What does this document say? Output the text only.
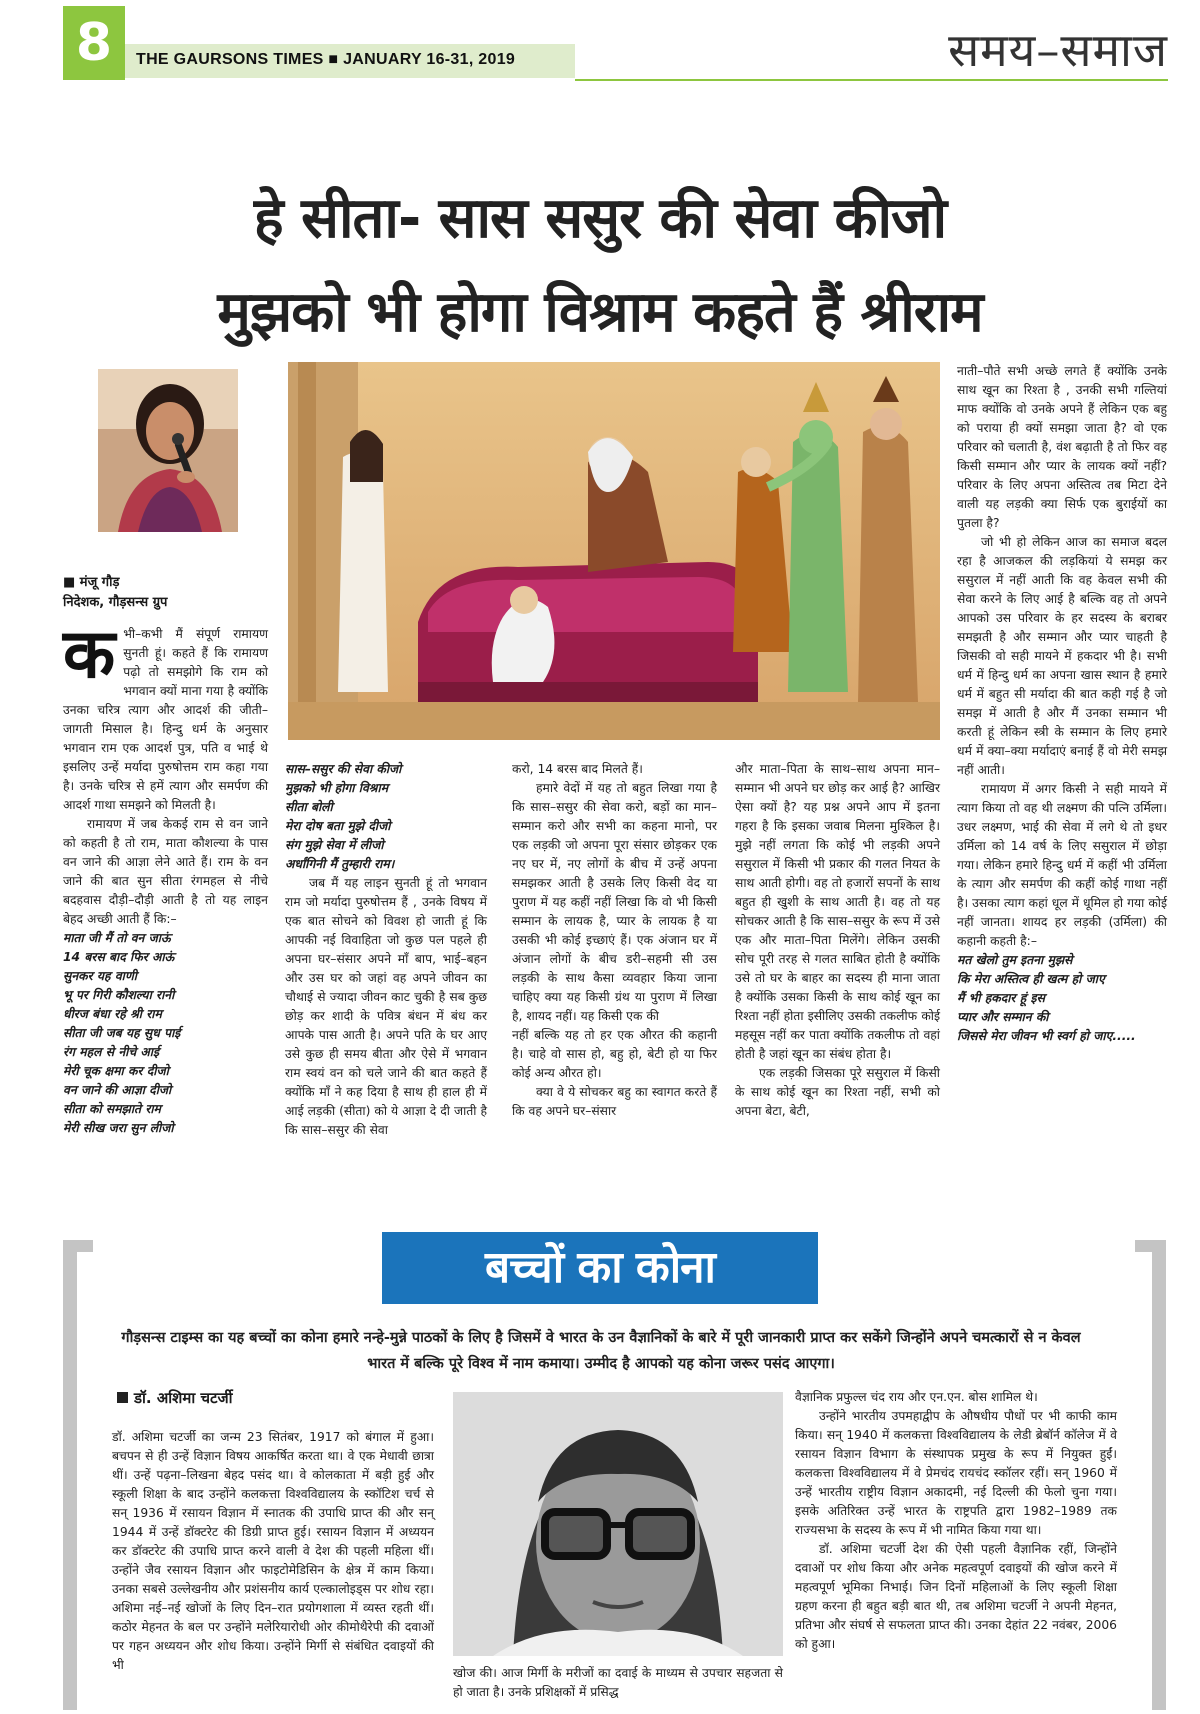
8	THE GAURSONS TIMES ■ JANUARY 16-31, 2019	समय–समाज
हे सीता- सास ससुर की सेवा कीजो
मुझको भी होगा विश्राम कहते हैं श्रीराम
■ मंजू गौड़
निदेशक, गौड़सन्स ग्रुप

कभी–कभी मैं संपूर्ण रामायण सुनती हूं। कहते हैं कि रामायण पढ़ो तो समझोगे कि राम को भगवान क्यों माना गया है क्योंकि उनका चरित्र त्याग और आदर्श की जीती–जागती मिसाल है। हिन्दु धर्म के अनुसार भगवान राम एक आदर्श पुत्र, पति व भाई थे इसलिए उन्हें मर्यादा पुरुषोत्तम राम कहा गया है। उनके चरित्र से हमें त्याग और समर्पण की आदर्श गाथा समझने को मिलती है।

रामायण में जब केकई राम से वन जाने को कहती है तो राम, माता कौशल्या के पास वन जाने की आज्ञा लेने आते हैं। राम के वन जाने की बात सुन सीता रंगमहल से नीचे बदहवास दौड़ी–दौड़ी आती है तो यह लाइन बेहद अच्छी आती हैं कि:–

माता जी मैं तो वन जाऊं
14 बरस बाद फिर आऊं
सुनकर यह वाणी
भू पर गिरी कौशल्या रानी
धीरज बंधा रहे श्री राम
सीता जी जब यह सुध पाई
रंग महल से नीचे आई
मेरी चूक क्षमा कर दीजो
वन जाने की आज्ञा दीजो
सीता को समझाते राम
मेरी सीख जरा सुन लीजो
सास–ससुर की सेवा कीजो
मुझको भी होगा विश्राम
सीता बोली
मेरा दोष बता मुझे दीजो
संग मुझे सेवा में लीजो
अर्धांगिनी मैं तुम्हारी राम।

जब मैं यह लाइन सुनती हूं तो भगवान राम जो मर्यादा पुरुषोत्तम हैं , उनके विषय में एक बात सोचने को विवश हो जाती हूं कि आपकी नई विवाहिता जो कुछ पल पहले ही अपना घर–संसार अपने माँ बाप, भाई–बहन और उस घर को जहां वह अपने जीवन का चौथाई से ज्यादा जीवन काट चुकी है सब कुछ छोड़ कर शादी के पवित्र बंधन में बंध कर आपके पास आती है। अपने पति के घर आए उसे कुछ ही समय बीता और ऐसे में भगवान राम स्वयं वन को चले जाने की बात कहते हैं क्योंकि माँ ने कह दिया है साथ ही हाल ही में आई लड़की (सीता) को ये आज्ञा दे दी जाती है कि सास–ससुर की सेवा

करो, 14 बरस बाद मिलते हैं।

हमारे वेदों में यह तो बहुत लिखा गया है कि सास–ससुर की सेवा करो, बड़ों का मान–सम्मान करो और सभी का कहना मानो, पर एक लड़की जो अपना पूरा संसार छोड़कर एक नए घर में, नए लोगों के बीच में उन्हें अपना समझकर आती है उसके लिए किसी वेद या पुराण में यह कहीं नहीं लिखा कि वो भी किसी सम्मान के लायक है, प्यार के लायक है या उसकी भी कोई इच्छाएं हैं। एक अंजान घर में अंजान लोगों के बीच डरी–सहमी सी उस लड़की के साथ कैसा व्यवहार किया जाना चाहिए क्या यह किसी ग्रंथ या पुराण में लिखा है, शायद नहीं। यह किसी एक की

नहीं बल्कि यह तो हर एक औरत की कहानी है। चाहे वो सास हो, बहु हो, बेटी हो या फिर कोई अन्य औरत हो।

क्या वे ये सोचकर बहु का स्वागत करते हैं कि वह अपने घर–संसार

और माता–पिता के साथ–साथ अपना मान–सम्मान भी अपने घर छोड़ कर आई है? आखिर ऐसा क्यों है? यह प्रश्न अपने आप में इतना गहरा है कि इसका जवाब मिलना मुश्किल है। मुझे नहीं लगता कि कोई भी लड़की अपने ससुराल में किसी भी प्रकार की गलत नियत के साथ आती होगी। वह तो हजारों सपनों के साथ बहुत ही खुशी के साथ आती है। वह तो यह सोचकर आती है कि सास–ससुर के रूप में उसे एक और माता–पिता मिलेंगे। लेकिन उसकी सोच पूरी तरह से गलत साबित होती है क्योंकि उसे तो घर के बाहर का सदस्य ही माना जाता है क्योंकि उसका किसी के साथ कोई खून का रिश्ता नहीं होता इसीलिए उसकी तकलीफ कोई महसूस नहीं कर पाता क्योंकि तकलीफ तो वहां होती है जहां खून का संबंध होता है।

एक लड़की जिसका पूरे ससुराल में किसी के साथ कोई खून का रिश्ता नहीं, सभी को अपना बेटा, बेटी,

नाती–पौते सभी अच्छे लगते हैं क्योंकि उनके साथ खून का रिश्ता है , उनकी सभी गल्तियां माफ क्योंकि वो उनके अपने हैं लेकिन एक बहु को पराया ही क्यों समझा जाता है? वो एक परिवार को चलाती है, वंश बढ़ाती है तो फिर वह किसी सम्मान और प्यार के लायक क्यों नहीं? परिवार के लिए अपना अस्तित्व तब मिटा देने वाली यह लड़की क्या सिर्फ एक बुराईयों का पुतला है?

जो भी हो लेकिन आज का समाज बदल रहा है आजकल की लड़कियां ये समझ कर ससुराल में नहीं आती कि वह केवल सभी की सेवा करने के लिए आई है बल्कि वह तो अपने आपको उस परिवार के हर सदस्य के बराबर समझती है और सम्मान और प्यार चाहती है जिसकी वो सही मायने में हकदार भी है। सभी धर्म में हिन्दु धर्म का अपना खास स्थान है हमारे धर्म में बहुत सी मर्यादा की बात कही गई है जो समझ में आती है और मैं उनका सम्मान भी करती हूं लेकिन स्त्री के सम्मान के लिए हमारे धर्म में क्या–क्या मर्यादाएं बनाई हैं वो मेरी समझ नहीं आती।

रामायण में अगर किसी ने सही मायने में त्याग किया तो वह थी लक्ष्मण की पत्नि उर्मिला। उधर लक्ष्मण, भाई की सेवा में लगे थे तो इधर उर्मिला को 14 वर्ष के लिए ससुराल में छोड़ा गया। लेकिन हमारे हिन्दु धर्म में कहीं भी उर्मिला के त्याग और समर्पण की कहीं कोई गाथा नहीं है। उसका त्याग कहां धूल में धूमिल हो गया कोई नहीं जानता। शायद हर लड़की (उर्मिला) की कहानी कहती है:–

मत खेलो तुम इतना मुझसे
कि मेरा अस्तित्व ही खत्म हो जाए
मैं भी हकदार हूं इस
प्यार और सम्मान की
जिससे मेरा जीवन भी स्वर्ग हो जाए.....
बच्चों का कोना
गौड़सन्स टाइम्स का यह बच्चों का कोना हमारे नन्हे-मुन्ने पाठकों के लिए है जिसमें वे भारत के उन वैज्ञानिकों के बारे में पूरी जानकारी प्राप्त कर सकेंगे जिन्होंने अपने चमत्कारों से न केवल भारत में बल्कि पूरे विश्व में नाम कमाया। उम्मीद है आपको यह कोना जरूर पसंद आएगा।
डॉ. अशिमा चटर्जी

डॉ. अशिमा चटर्जी का जन्म 23 सितंबर, 1917 को बंगाल में हुआ। बचपन से ही उन्हें विज्ञान विषय आकर्षित करता था। वे एक मेधावी छात्रा थीं। उन्हें पढ़ना–लिखना बेहद पसंद था। वे कोलकाता में बड़ी हुई और स्कूली शिक्षा के बाद उन्होंने कलकत्ता विश्वविद्यालय के स्कॉटिश चर्च से सन् 1936 में रसायन विज्ञान में स्नातक की उपाधि प्राप्त की और सन् 1944 में उन्हें डॉक्टरेट की डिग्री प्राप्त हुई। रसायन विज्ञान में अध्ययन कर डॉक्टरेट की उपाधि प्राप्त करने वाली वे देश की पहली महिला थीं। उन्होंने जैव रसायन विज्ञान और फाइटोमेडिसिन के क्षेत्र में काम किया। उनका सबसे उल्लेखनीय और प्रशंसनीय कार्य एल्कालोइड्स पर शोध रहा। अशिमा नई–नई खोजों के लिए दिन–रात प्रयोगशाला में व्यस्त रहती थीं। कठोर मेहनत के बल पर उन्होंने मलेरियारोधी ओर कीमोथैरेपी की दवाओं पर गहन अध्ययन और शोध किया। उन्होंने मिर्गी से संबंधित दवाइयों की भी

खोज की। आज मिर्गी के मरीजों का दवाई के माध्यम से उपचार सहजता से हो जाता है। उनके प्रशिक्षकों में प्रसिद्ध

वैज्ञानिक प्रफुल्ल चंद राय और एन.एन. बोस शामिल थे।

उन्होंने भारतीय उपमहाद्वीप के औषधीय पौधों पर भी काफी काम किया। सन् 1940 में कलकत्ता विश्वविद्यालय के लेडी ब्रेबॉर्न कॉलेज में वे रसायन विज्ञान विभाग के संस्थापक प्रमुख के रूप में नियुक्त हुईं। कलकत्ता विश्वविद्यालय में वे प्रेमचंद रायचंद स्कॉलर रहीं। सन् 1960 में उन्हें भारतीय राष्ट्रीय विज्ञान अकादमी, नई दिल्ली की फेलो चुना गया। इसके अतिरिक्त उन्हें भारत के राष्ट्रपति द्वारा 1982–1989 तक राज्यसभा के सदस्य के रूप में भी नामित किया गया था।

डॉ. अशिमा चटर्जी देश की ऐसी पहली वैज्ञानिक रहीं, जिन्होंने दवाओं पर शोध किया और अनेक महत्वपूर्ण दवाइयों की खोज करने में महत्वपूर्ण भूमिका निभाई। जिन दिनों महिलाओं के लिए स्कूली शिक्षा ग्रहण करना ही बहुत बड़ी बात थी, तब अशिमा चटर्जी ने अपनी मेहनत, प्रतिभा और संघर्ष से सफलता प्राप्त की। उनका देहांत 22 नवंबर, 2006 को हुआ।
